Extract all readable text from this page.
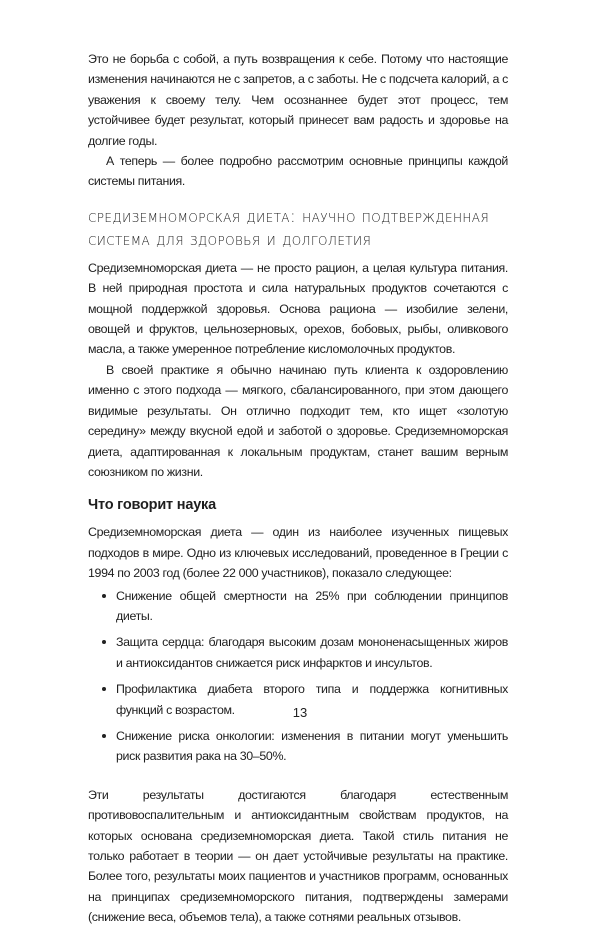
Это не борьба с собой, а путь возвращения к себе. Потому что настоящие изменения начинаются не с запретов, а с заботы. Не с подсчета калорий, а с уважения к своему телу. Чем осознаннее будет этот процесс, тем устойчивее будет результат, который принесет вам радость и здоровье на долгие годы.

А теперь — более подробно рассмотрим основные принципы каждой системы питания.

средиземноморская диета: научно подтвержденная система для здоровья и долголетия

Средиземноморская диета — не просто рацион, а целая культура питания. В ней природная простота и сила натуральных продуктов сочетаются с мощной поддержкой здоровья. Основа рациона — изобилие зелени, овощей и фруктов, цельнозерновых, орехов, бобовых, рыбы, оливкового масла, а также умеренное потребление кисломолочных продуктов.

В своей практике я обычно начинаю путь клиента к оздоровлению именно с этого подхода — мягкого, сбалансированного, при этом дающего видимые результаты. Он отлично подходит тем, кто ищет «золотую середину» между вкусной едой и заботой о здоровье. Средиземноморская диета, адаптированная к локальным продуктам, станет вашим верным союзником по жизни.

Что говорит наука

Средиземноморская диета — один из наиболее изученных пищевых подходов в мире. Одно из ключевых исследований, проведенное в Греции с 1994 по 2003 год (более 22 000 участников), показало следующее:

Снижение общей смертности на 25% при соблюдении принципов диеты.
Защита сердца: благодаря высоким дозам мононенасыщенных жиров и антиоксидантов снижается риск инфарктов и инсультов.
Профилактика диабета второго типа и поддержка когнитивных функций с возрастом.
Снижение риска онкологии: изменения в питании могут уменьшить риск развития рака на 30–50%.

Эти результаты достигаются благодаря естественным противовоспалительным и антиоксидантным свойствам продуктов, на которых основана средиземноморская диета. Такой стиль питания не только работает в теории — он дает устойчивые результаты на практике. Более того, результаты моих пациентов и участников программ, основанных на принципах средиземноморского питания, подтверждены замерами (снижение веса, объемов тела), а также сотнями реальных отзывов.

13
